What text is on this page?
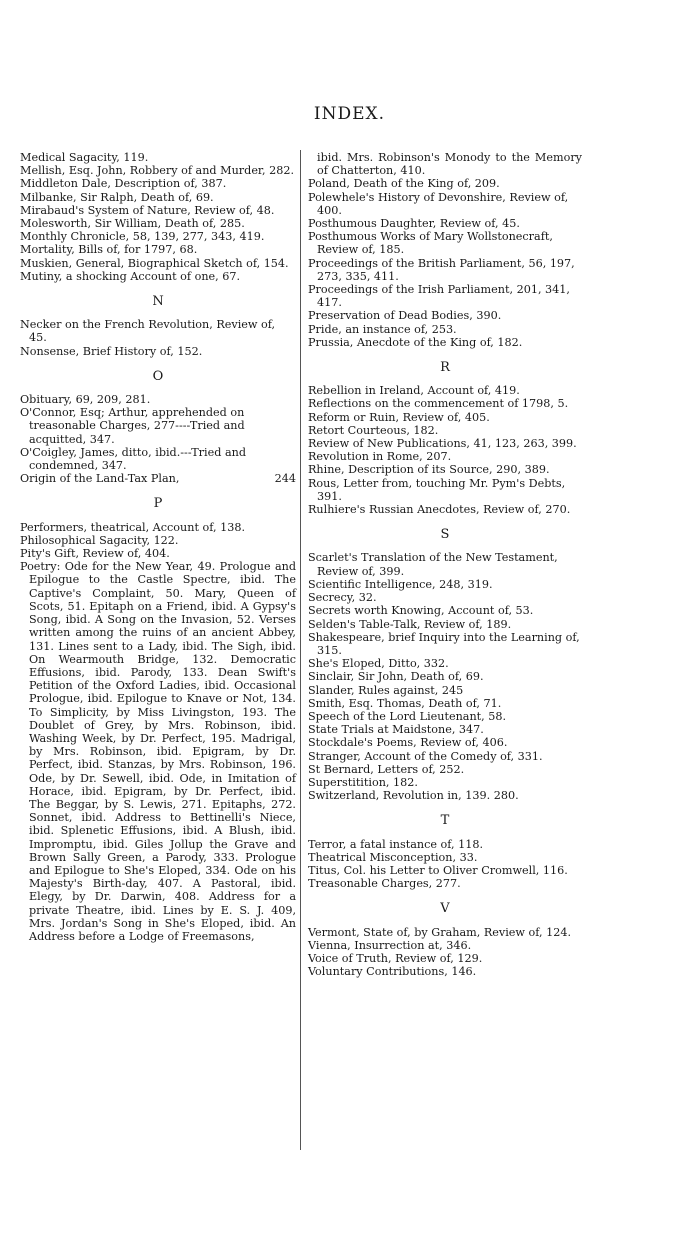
INDEX.

Medical Sagacity, 119.

Mellish, Esq. John, Robbery of and Murder, 282.

Middleton Dale, Description of, 387.

Milbanke, Sir Ralph, Death of, 69.

Mirabaud's System of Nature, Review of, 48.

Molesworth, Sir William, Death of, 285.

Monthly Chronicle, 58, 139, 277, 343, 419.

Mortality, Bills of, for 1797, 68.

Muskien, General, Biographical Sketch of, 154.

Mutiny, a shocking Account of one, 67.

N

Necker on the French Revolution, Review of, 45.

Nonsense, Brief History of, 152.

O

Obituary, 69, 209, 281.

O'Connor, Esq; Arthur, apprehended on treasonable Charges, 277----Tried and acquitted, 347.

O'Coigley, James, ditto, ibid.---Tried and condemned, 347.

Origin of the Land-Tax Plan,	244

P

Performers, theatrical, Account of, 138.

Philosophical Sagacity, 122.

Pity's Gift, Review of, 404.

Poetry: Ode for the New Year, 49. Prologue and Epilogue to the Castle Spectre, ibid. The Captive's Complaint, 50. Mary, Queen of Scots, 51. Epitaph on a Friend, ibid. A Gypsy's Song, ibid. A Song on the Invasion, 52. Verses written among the ruins of an ancient Abbey, 131. Lines sent to a Lady, ibid. The Sigh, ibid. On Wearmouth Bridge, 132. Democratic Effusions, ibid. Parody, 133. Dean Swift's Petition of the Oxford Ladies, ibid. Occasional Prologue, ibid. Epilogue to Knave or Not, 134. To Simplicity, by Miss Livingston, 193. The Doublet of Grey, by Mrs. Robinson, ibid. Washing Week, by Dr. Perfect, 195. Madrigal, by Mrs. Robinson, ibid. Epigram, by Dr. Perfect, ibid. Stanzas, by Mrs. Robinson, 196. Ode, by Dr. Sewell, ibid. Ode, in Imitation of Horace, ibid. Epigram, by Dr. Perfect, ibid. The Beggar, by S. Lewis, 271. Epitaphs, 272. Sonnet, ibid. Address to Bettinelli's Niece, ibid. Splenetic Effusions, ibid. A Blush, ibid. Impromptu, ibid. Giles Jollup the Grave and Brown Sally Green, a Parody, 333. Prologue and Epilogue to She's Eloped, 334. Ode on his Majesty's Birth-day, 407. A Pastoral, ibid. Elegy, by Dr. Darwin, 408. Address for a private Theatre, ibid. Lines by E. S. J. 409, Mrs. Jordan's Song in She's Eloped, ibid. An Address before a Lodge of Freemasons,

ibid. Mrs. Robinson's Monody to the Memory of Chatterton, 410.

Poland, Death of the King of, 209.

Polewhele's History of Devonshire, Review of, 400.

Posthumous Daughter, Review of, 45.

Posthumous Works of Mary Wollstonecraft, Review of, 185.

Proceedings of the British Parliament, 56, 197, 273, 335, 411.

Proceedings of the Irish Parliament, 201, 341, 417.

Preservation of Dead Bodies, 390.

Pride, an instance of, 253.

Prussia, Anecdote of the King of, 182.

R

Rebellion in Ireland, Account of, 419.

Reflections on the commencement of 1798, 5.

Reform or Ruin, Review of, 405.

Retort Courteous, 182.

Review of New Publications, 41, 123, 263, 399.

Revolution in Rome, 207.

Rhine, Description of its Source, 290, 389.

Rous, Letter from, touching Mr. Pym's Debts, 391.

Rulhiere's Russian Anecdotes, Review of, 270.

S

Scarlet's Translation of the New Testament, Review of, 399.

Scientific Intelligence, 248, 319.

Secrecy, 32.

Secrets worth Knowing, Account of, 53.

Selden's Table-Talk, Review of, 189.

Shakespeare, brief Inquiry into the Learning of, 315.

She's Eloped, Ditto, 332.

Sinclair, Sir John, Death of, 69.

Slander, Rules against, 245

Smith, Esq. Thomas, Death of, 71.

Speech of the Lord Lieutenant, 58.

State Trials at Maidstone, 347.

Stockdale's Poems, Review of, 406.

Stranger, Account of the Comedy of, 331.

St Bernard, Letters of, 252.

Superstitition, 182.

Switzerland, Revolution in, 139. 280.

T

Terror, a fatal instance of, 118.

Theatrical Misconception, 33.

Titus, Col. his Letter to Oliver Cromwell, 116.

Treasonable Charges, 277.

V

Vermont, State of, by Graham, Review of, 124.

Vienna, Insurrection at, 346.

Voice of Truth, Review of, 129.

Voluntary Contributions, 146.
